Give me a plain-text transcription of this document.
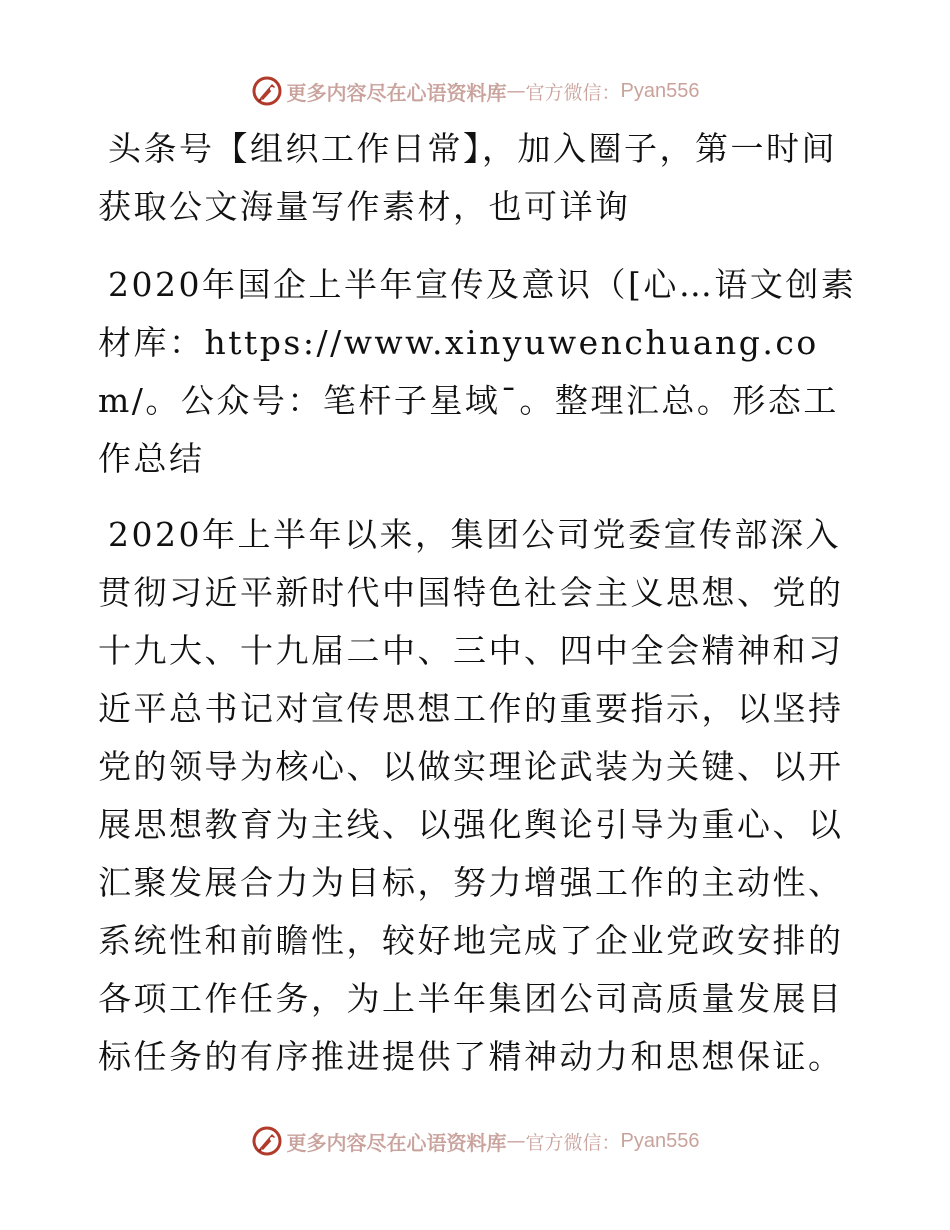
更多内容尽在心语资料库 — 官方微信： Pyan556

头条号【组织工作日常】，加入圈子，第一时间获取公文海量写作素材，也可详询

2020年国企上半年宣传及意识（[心…语文创素材库：https://www.xinyuwenchuang.com/。公众号：笔杆子星域¯。整理汇总。形态工作总结

2020年上半年以来，集团公司党委宣传部深入贯彻习近平新时代中国特色社会主义思想、党的十九大、十九届二中、三中、四中全会精神和习近平总书记对宣传思想工作的重要指示，以坚持党的领导为核心、以做实理论武装为关键、以开展思想教育为主线、以强化舆论引导为重心、以汇聚发展合力为目标，努力增强工作的主动性、系统性和前瞻性，较好地完成了企业党政安排的各项工作任务，为上半年集团公司高质量发展目标任务的有序推进提供了精神动力和思想保证。

更多内容尽在心语资料库 — 官方微信： Pyan556
